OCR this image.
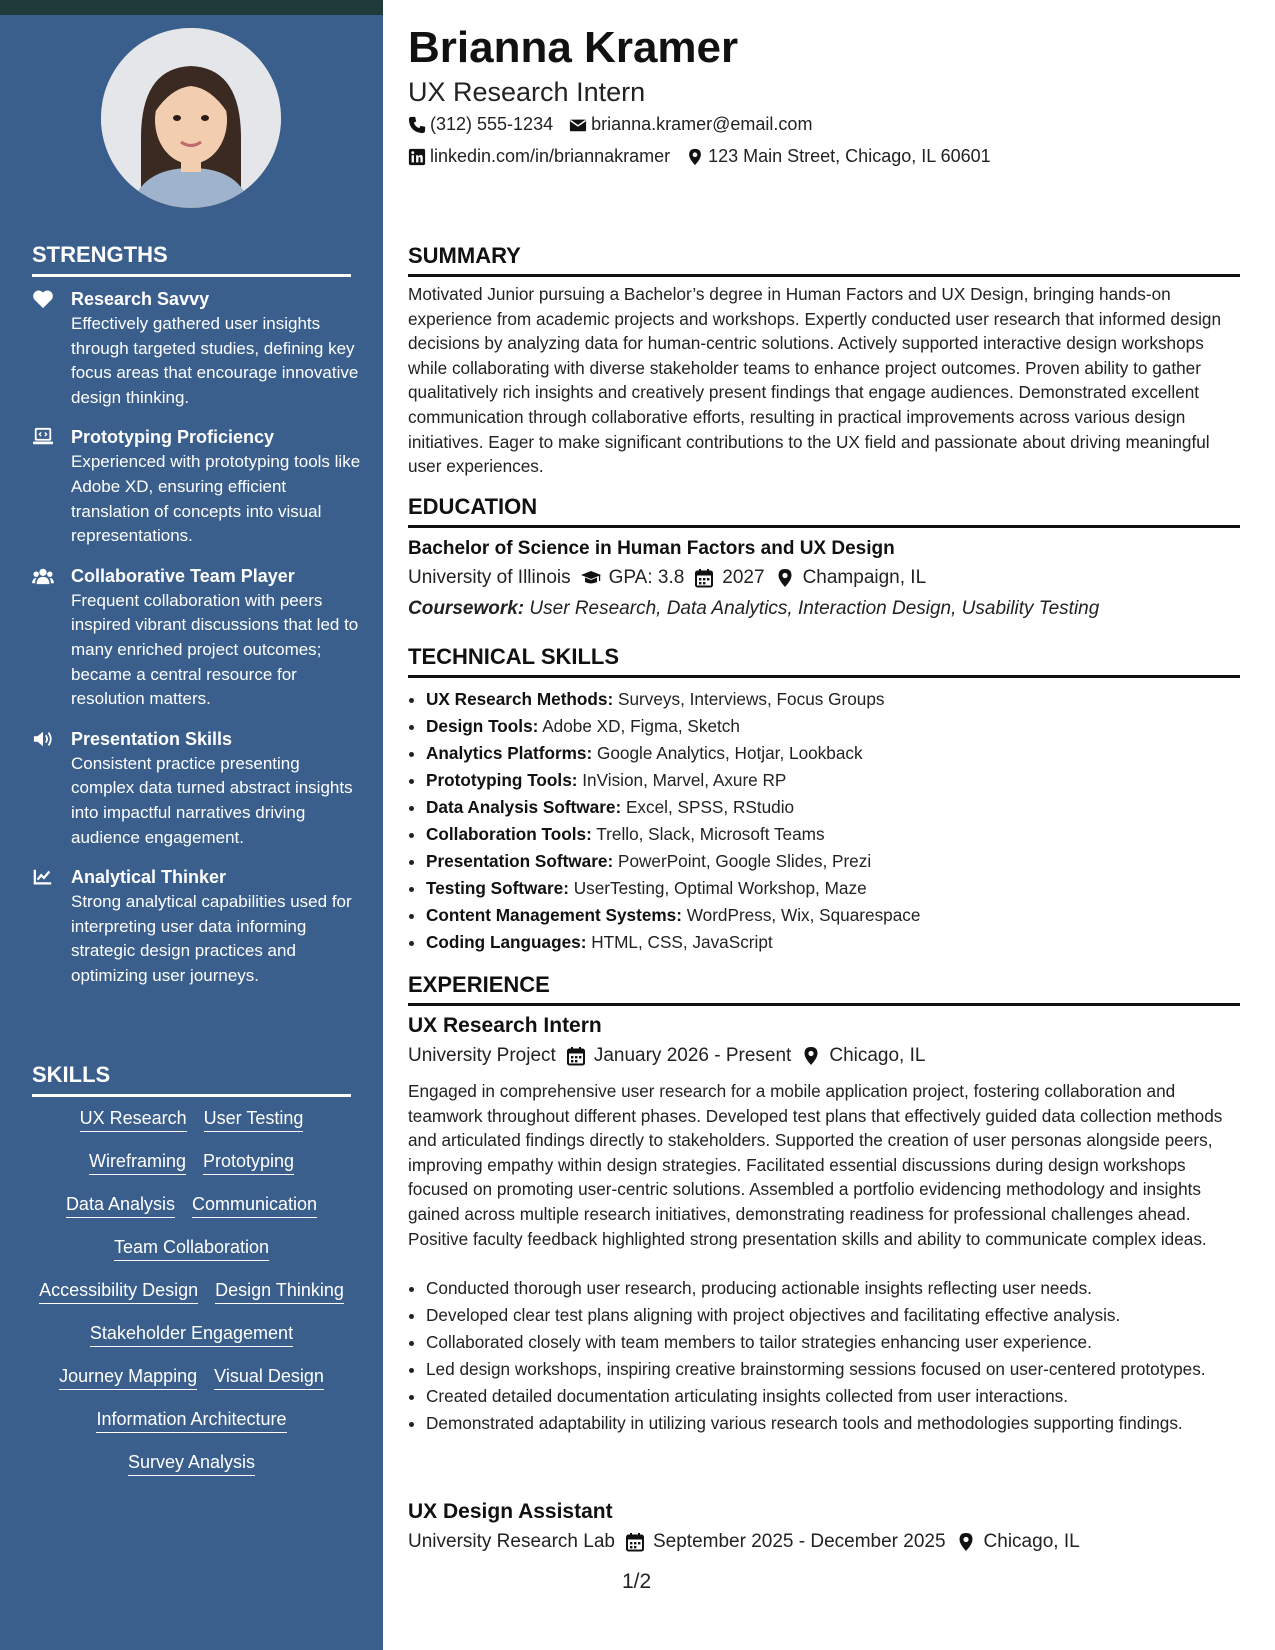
STRENGTHS
Research Savvy
Effectively gathered user insights through targeted studies, defining key focus areas that encourage innovative design thinking.
Prototyping Proficiency
Experienced with prototyping tools like Adobe XD, ensuring efficient translation of concepts into visual representations.
Collaborative Team Player
Frequent collaboration with peers inspired vibrant discussions that led to many enriched project outcomes; became a central resource for resolution matters.
Presentation Skills
Consistent practice presenting complex data turned abstract insights into impactful narratives driving audience engagement.
Analytical Thinker
Strong analytical capabilities used for interpreting user data informing strategic design practices and optimizing user journeys.
SKILLS
UX Research User Testing
Wireframing Prototyping
Data Analysis Communication
Team Collaboration
Accessibility Design Design Thinking
Stakeholder Engagement
Journey Mapping Visual Design
Information Architecture
Survey Analysis
Brianna Kramer
UX Research Intern
(312) 555-1234 brianna.kramer@email.com
linkedin.com/in/briannakramer 123 Main Street, Chicago, IL 60601
SUMMARY
Motivated Junior pursuing a Bachelor’s degree in Human Factors and UX Design, bringing hands-on experience from academic projects and workshops. Expertly conducted user research that informed design decisions by analyzing data for human-centric solutions. Actively supported interactive design workshops while collaborating with diverse stakeholder teams to enhance project outcomes. Proven ability to gather qualitatively rich insights and creatively present findings that engage audiences. Demonstrated excellent communication through collaborative efforts, resulting in practical improvements across various design initiatives. Eager to make significant contributions to the UX field and passionate about driving meaningful user experiences.
EDUCATION
Bachelor of Science in Human Factors and UX Design
University of Illinois GPA: 3.8 2027 Champaign, IL
Coursework: User Research, Data Analytics, Interaction Design, Usability Testing
TECHNICAL SKILLS
• UX Research Methods: Surveys, Interviews, Focus Groups
• Design Tools: Adobe XD, Figma, Sketch
• Analytics Platforms: Google Analytics, Hotjar, Lookback
• Prototyping Tools: InVision, Marvel, Axure RP
• Data Analysis Software: Excel, SPSS, RStudio
• Collaboration Tools: Trello, Slack, Microsoft Teams
• Presentation Software: PowerPoint, Google Slides, Prezi
• Testing Software: UserTesting, Optimal Workshop, Maze
• Content Management Systems: WordPress, Wix, Squarespace
• Coding Languages: HTML, CSS, JavaScript
EXPERIENCE
UX Research Intern
University Project January 2026 - Present Chicago, IL
Engaged in comprehensive user research for a mobile application project, fostering collaboration and teamwork throughout different phases. Developed test plans that effectively guided data collection methods and articulated findings directly to stakeholders. Supported the creation of user personas alongside peers, improving empathy within design strategies. Facilitated essential discussions during design workshops focused on promoting user-centric solutions. Assembled a portfolio evidencing methodology and insights gained across multiple research initiatives, demonstrating readiness for professional challenges ahead. Positive faculty feedback highlighted strong presentation skills and ability to communicate complex ideas.
• Conducted thorough user research, producing actionable insights reflecting user needs.
• Developed clear test plans aligning with project objectives and facilitating effective analysis.
• Collaborated closely with team members to tailor strategies enhancing user experience.
• Led design workshops, inspiring creative brainstorming sessions focused on user-centered prototypes.
• Created detailed documentation articulating insights collected from user interactions.
• Demonstrated adaptability in utilizing various research tools and methodologies supporting findings.
UX Design Assistant
University Research Lab September 2025 - December 2025 Chicago, IL
1/2
